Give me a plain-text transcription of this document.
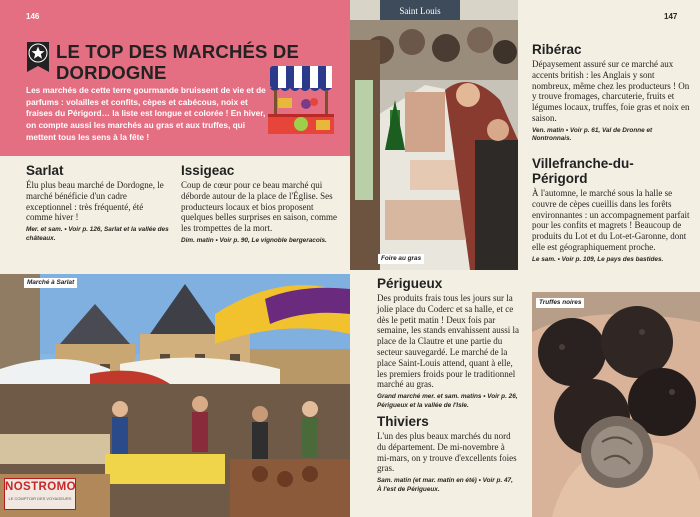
146	147
LE TOP DES MARCHÉS DE DORDOGNE
Les marchés de cette terre gourmande bruissent de vie et de parfums : volailles et confits, cèpes et cabécous, noix et fraises du Périgord… la liste est longue et colorée ! En hiver, on compte aussi les marchés au gras et aux truffes, qui mettent tous les sens à la fête !
Sarlat

Élu plus beau marché de Dordogne, le marché bénéficie d'un cadre exceptionnel : très fréquenté, été comme hiver !

Mer. et sam. • Voir p. 126, Sarlat et la vallée des châteaux.
Issigeac

Coup de cœur pour ce beau marché qui déborde autour de la place de l'Église. Ses producteurs locaux et bios proposent quelques belles surprises en saison, comme les trompettes de la mort.

Dim. matin • Voir p. 90, Le vignoble bergeracois.
Saint Louis
Foire au gras
Marché à Sarlat
NOSTROMO
LE COMPTOIR DES VOYAGEURS
Périgueux

Des produits frais tous les jours sur la jolie place du Coderc et sa halle, et ce dès le petit matin ! Deux fois par semaine, les stands envahissent aussi la place de la Clautre et une partie du secteur sauvegardé. Le marché de la place Saint-Louis attend, quant à elle, les premiers froids pour le traditionnel marché au gras.

Grand marché mer. et sam. matins • Voir p. 26, Périgueux et la vallée de l'Isle.
Thiviers

L'un des plus beaux marchés du nord du département. De mi-novembre à mi-mars, on y trouve d'excellents foies gras.

Sam. matin (et mar. matin en été) • Voir p. 47, À l'est de Périgueux.
Ribérac

Dépaysement assuré sur ce marché aux accents british : les Anglais y sont nombreux, même chez les producteurs ! On y trouve fromages, charcuterie, fruits et légumes locaux, truffes, foie gras et noix en saison.

Ven. matin • Voir p. 61, Val de Dronne et Nontronnais.
Villefranche-du-Périgord

À l'automne, le marché sous la halle se couvre de cèpes cueillis dans les forêts environnantes : un accompagnement parfait pour les confits et magrets ! Beaucoup de produits du Lot et du Lot-et-Garonne, dont elle est géographiquement proche.

Le sam. • Voir p. 109, Le pays des bastides.
Truffes noires
